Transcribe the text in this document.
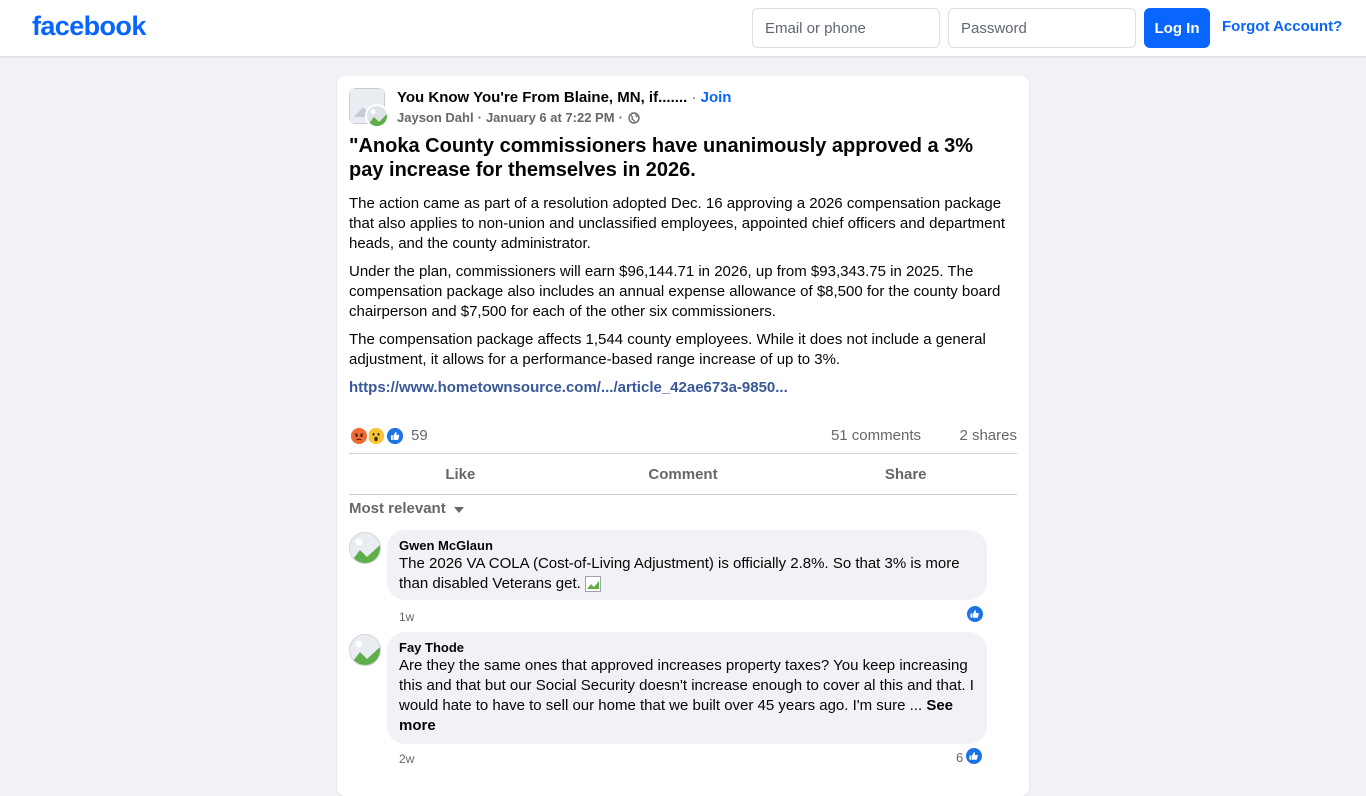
facebook
Email or phone	Log In	Forgot Account?
You Know You're From Blaine, MN, if....... · Join
Jayson Dahl · January 6 at 7:22 PM ·
"Anoka County commissioners have unanimously approved a 3% pay increase for themselves in 2026.
The action came as part of a resolution adopted Dec. 16 approving a 2026 compensation package that also applies to non-union and unclassified employees, appointed chief officers and department heads, and the county administrator.
Under the plan, commissioners will earn $96,144.71 in 2026, up from $93,343.75 in 2025. The compensation package also includes an annual expense allowance of $8,500 for the county board chairperson and $7,500 for each of the other six commissioners.
The compensation package affects 1,544 county employees. While it does not include a general adjustment, it allows for a performance-based range increase of up to 3%.
https://www.hometownsource.com/.../article_42ae673a-9850...
59	51 comments	2 shares
Like	Comment	Share
Most relevant
Gwen McGlaun
The 2026 VA COLA (Cost-of-Living Adjustment) is officially 2.8%. So that 3% is more than disabled Veterans get.
1w
Fay Thode
Are they the same ones that approved increases property taxes? You keep increasing this and that but our Social Security doesn't increase enough to cover al this and that. I would hate to have to sell our home that we built over 45 years ago. I'm sure ... See more
2w	6
